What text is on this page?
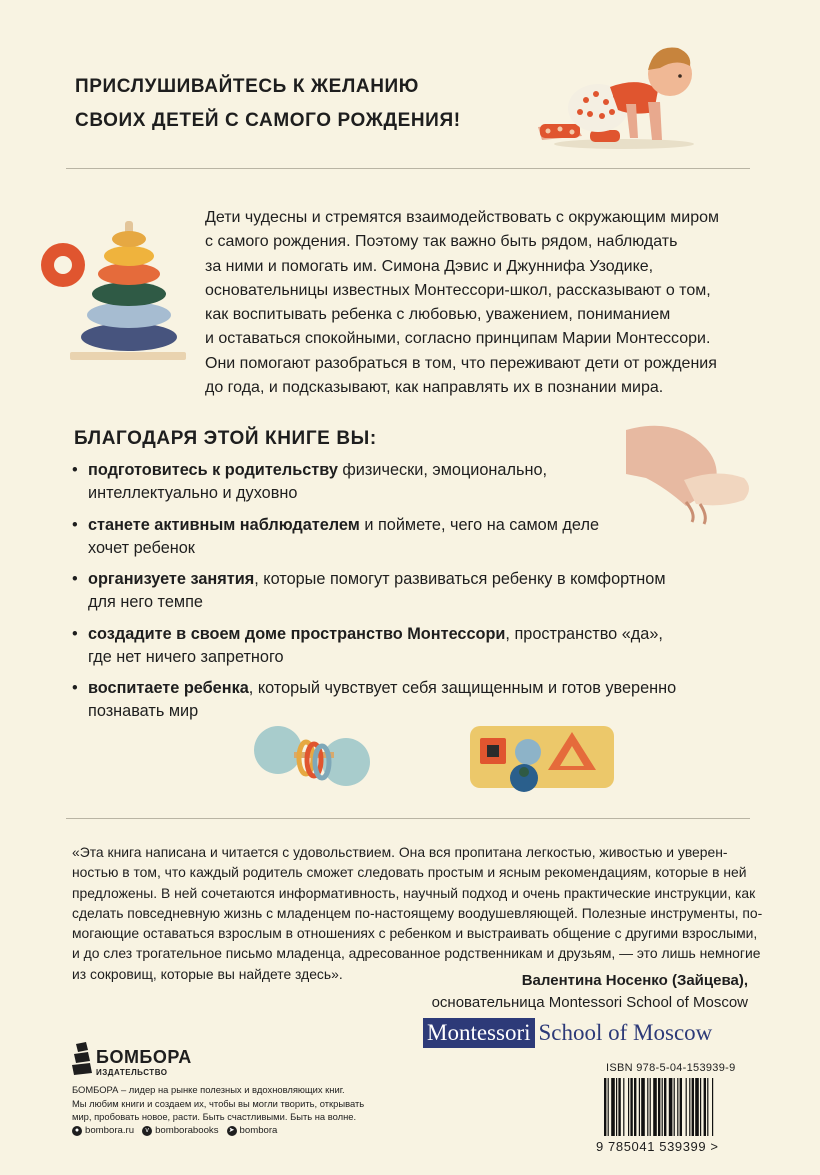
ПРИСЛУШИВАЙТЕСЬ К ЖЕЛАНИЮ
СВОИХ ДЕТЕЙ С САМОГО РОЖДЕНИЯ!
Дети чудесны и стремятся взаимодействовать с окружающим миром
с самого рождения. Поэтому так важно быть рядом, наблюдать
за ними и помогать им. Симона Дэвис и Джуннифа Узодике,
основательницы известных Монтессори-школ, рассказывают о том,
как воспитывать ребенка с любовью, уважением, пониманием
и оставаться спокойными, согласно принципам Марии Монтессори.
Они помогают разобраться в том, что переживают дети от рождения
до года, и подсказывают, как направлять их в познании мира.
БЛАГОДАРЯ ЭТОЙ КНИГЕ ВЫ:
• подготовитесь к родительству физически, эмоционально,
интеллектуально и духовно
• станете активным наблюдателем и поймете, чего на самом деле
хочет ребенок
• организуете занятия, которые помогут развиваться ребенку в комфортном
для него темпе
• создадите в своем доме пространство Монтессори, пространство «да»,
где нет ничего запретного
• воспитаете ребенка, который чувствует себя защищенным и готов уверенно
познавать мир
«Эта книга написана и читается с удовольствием. Она вся пропитана легкостью, живостью и уверен-
ностью в том, что каждый родитель сможет следовать простым и ясным рекомендациям, которые в ней
предложены. В ней сочетаются информативность, научный подход и очень практические инструкции, как
сделать повседневную жизнь с младенцем по-настоящему воодушевляющей. Полезные инструменты, по-
могающие оставаться взрослым в отношениях с ребенком и выстраивать общение с другими взрослыми,
и до слез трогательное письмо младенца, адресованное родственникам и друзьям, — это лишь немногие
из сокровищ, которые вы найдете здесь».	Валентина Носенко (Зайцева),
основательница Montessori School of Moscow
Montessori School of Moscow
БОМБОРА
ИЗДАТЕЛЬСТВО
БОМБОРА – лидер на рынке полезных и вдохновляющих книг.
Мы любим книги и создаем их, чтобы вы могли творить, открывать
мир, пробовать новое, расти. Быть счастливыми. Быть на волне.
● bombora.ru	v bomborabooks ➤ bombora
ISBN 978-5-04-153939-9
9 785041 539399 >
